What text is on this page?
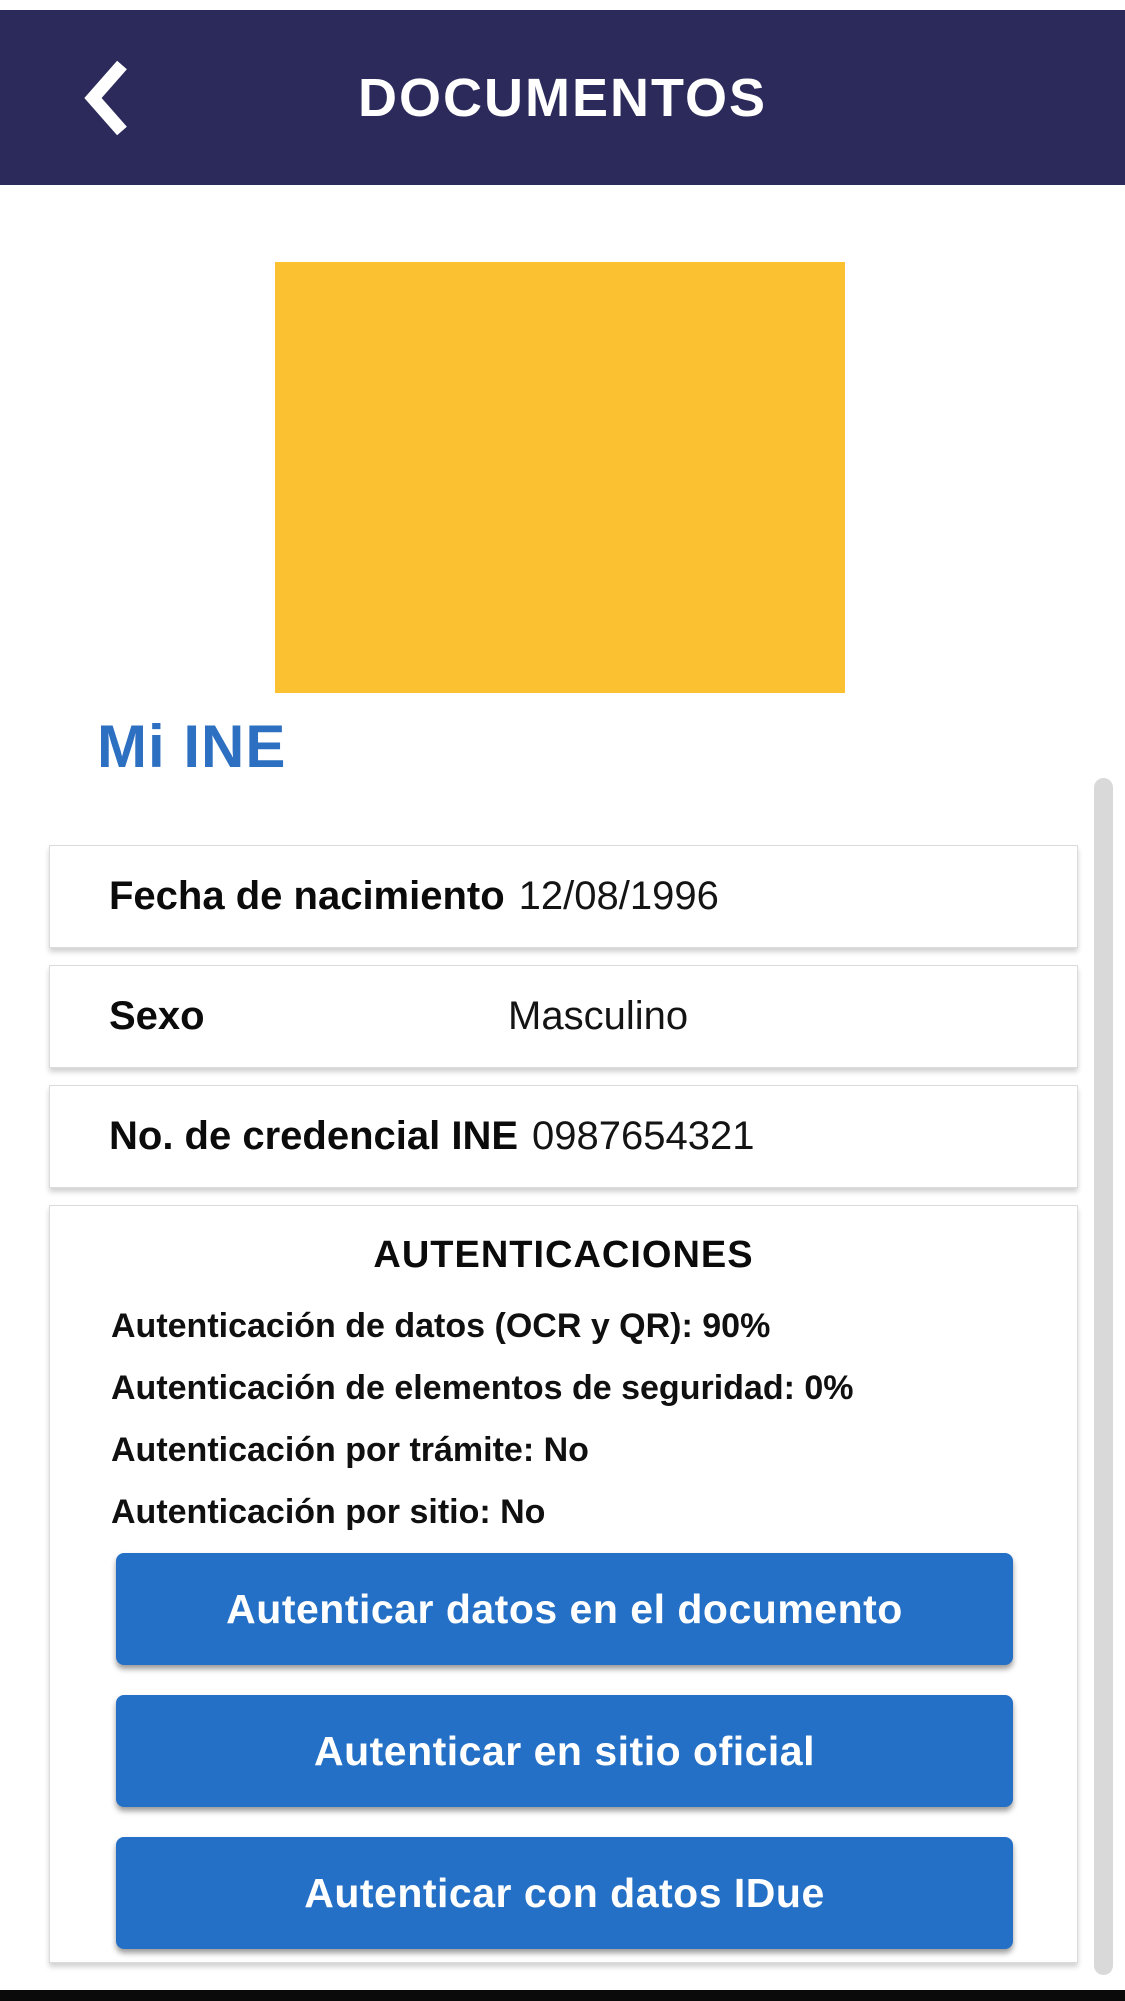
DOCUMENTOS
Mi INE
Fecha de nacimiento 12/08/1996
Sexo	Masculino
No. de credencial INE 0987654321
AUTENTICACIONES
Autenticación de datos (OCR y QR): 90%
Autenticación de elementos de seguridad: 0%
Autenticación por trámite: No
Autenticación por sitio: No
Autenticar datos en el documento
Autenticar en sitio oficial
Autenticar con datos IDue
